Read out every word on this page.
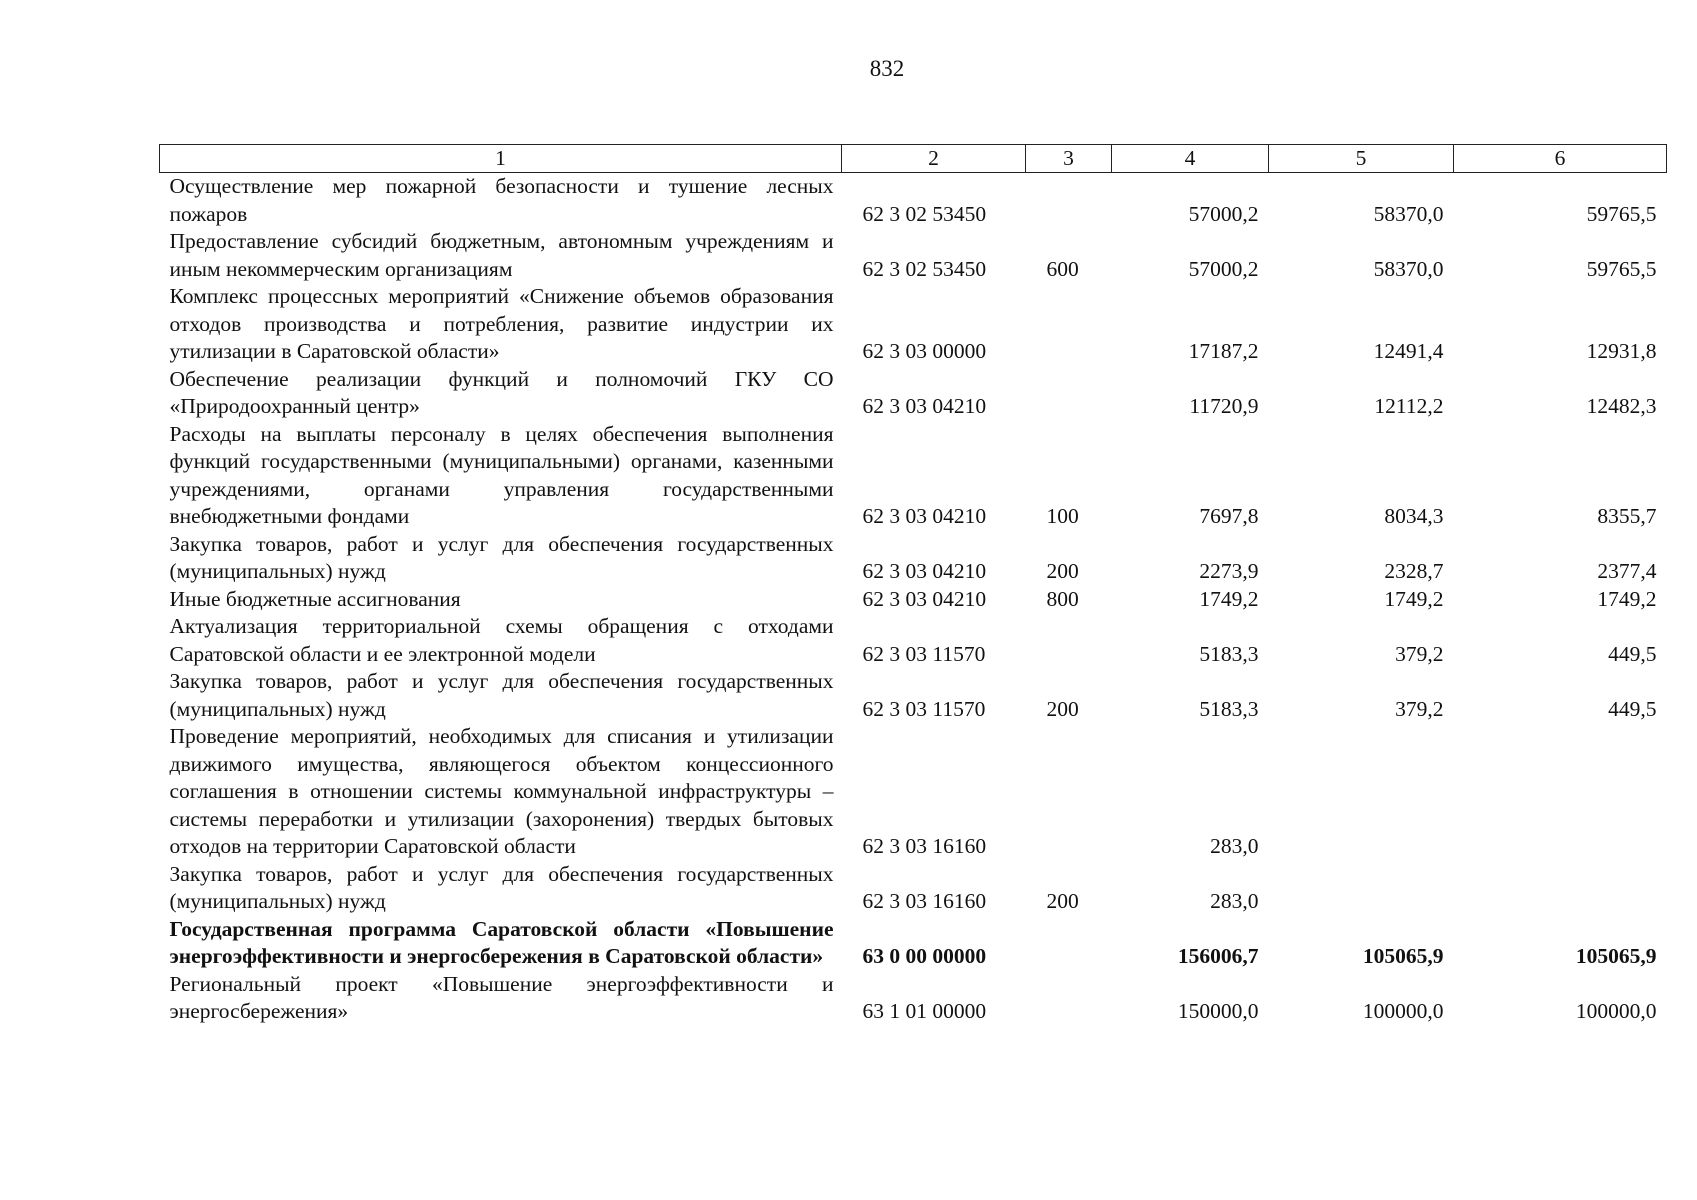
832
1	2	3	4	5	6
Осуществление мер пожарной безопасности и тушение лесных пожаров	62 3 02 53450		57000,2	58370,0	59765,5
Предоставление субсидий бюджетным, автономным учреждениям и иным некоммерческим организациям	62 3 02 53450	600	57000,2	58370,0	59765,5
Комплекс процессных мероприятий «Снижение объемов образования отходов производства и потребления, развитие индустрии их утилизации в Саратовской области»	62 3 03 00000		17187,2	12491,4	12931,8
Обеспечение реализации функций и полномочий ГКУ СО «Природоохранный центр»	62 3 03 04210		11720,9	12112,2	12482,3
Расходы на выплаты персоналу в целях обеспечения выполнения функций государственными (муниципальными) органами, казенными учреждениями, органами управления государственными внебюджетными фондами	62 3 03 04210	100	7697,8	8034,3	8355,7
Закупка товаров, работ и услуг для обеспечения государственных (муниципальных) нужд	62 3 03 04210	200	2273,9	2328,7	2377,4
Иные бюджетные ассигнования	62 3 03 04210	800	1749,2	1749,2	1749,2
Актуализация территориальной схемы обращения с отходами Саратовской области и ее электронной модели	62 3 03 11570		5183,3	379,2	449,5
Закупка товаров, работ и услуг для обеспечения государственных (муниципальных) нужд	62 3 03 11570	200	5183,3	379,2	449,5
Проведение мероприятий, необходимых для списания и утилизации движимого имущества, являющегося объектом концессионного соглашения в отношении системы коммунальной инфраструктуры – системы переработки и утилизации (захоронения) твердых бытовых отходов на территории Саратовской области	62 3 03 16160		283,0		
Закупка товаров, работ и услуг для обеспечения государственных (муниципальных) нужд	62 3 03 16160	200	283,0		
Государственная программа Саратовской области «Повышение энергоэффективности и энергосбережения в Саратовской области»	63 0 00 00000		156006,7	105065,9	105065,9
Региональный проект «Повышение энергоэффективности и энергосбережения»	63 1 01 00000		150000,0	100000,0	100000,0
